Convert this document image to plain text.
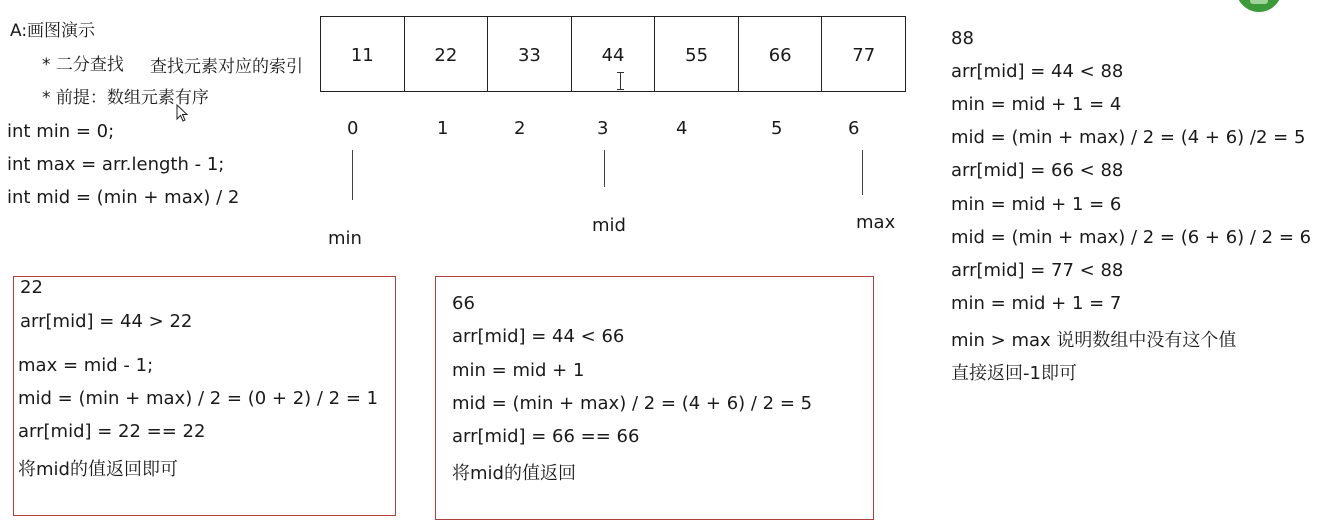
A:画图演示
* 二分查找 查找元素对应的索引
* 前提：数组元素有序
int min = 0;
int max = arr.length - 1;
int mid = (min + max) / 2
11	22	33	44	55	66	77
0	1	2	3	4	5	6
min
mid	max
22
arr[mid] = 44 > 22
max = mid - 1;
mid = (min + max) / 2 = (0 + 2) / 2 = 1
arr[mid] = 22 == 22
将mid的值返回即可
66
arr[mid] = 44 < 66
min = mid + 1
mid = (min + max) / 2 = (4 + 6) / 2 = 5
arr[mid] = 66 == 66
将mid的值返回
88
arr[mid] = 44 < 88
min = mid + 1 = 4
mid = (min + max) / 2 = (4 + 6) /2 = 5
arr[mid] = 66 < 88
min = mid + 1 = 6
mid = (min + max) / 2 = (6 + 6) / 2 = 6
arr[mid] = 77 < 88
min = mid + 1 = 7
min > max 说明数组中没有这个值
直接返回-1即可
